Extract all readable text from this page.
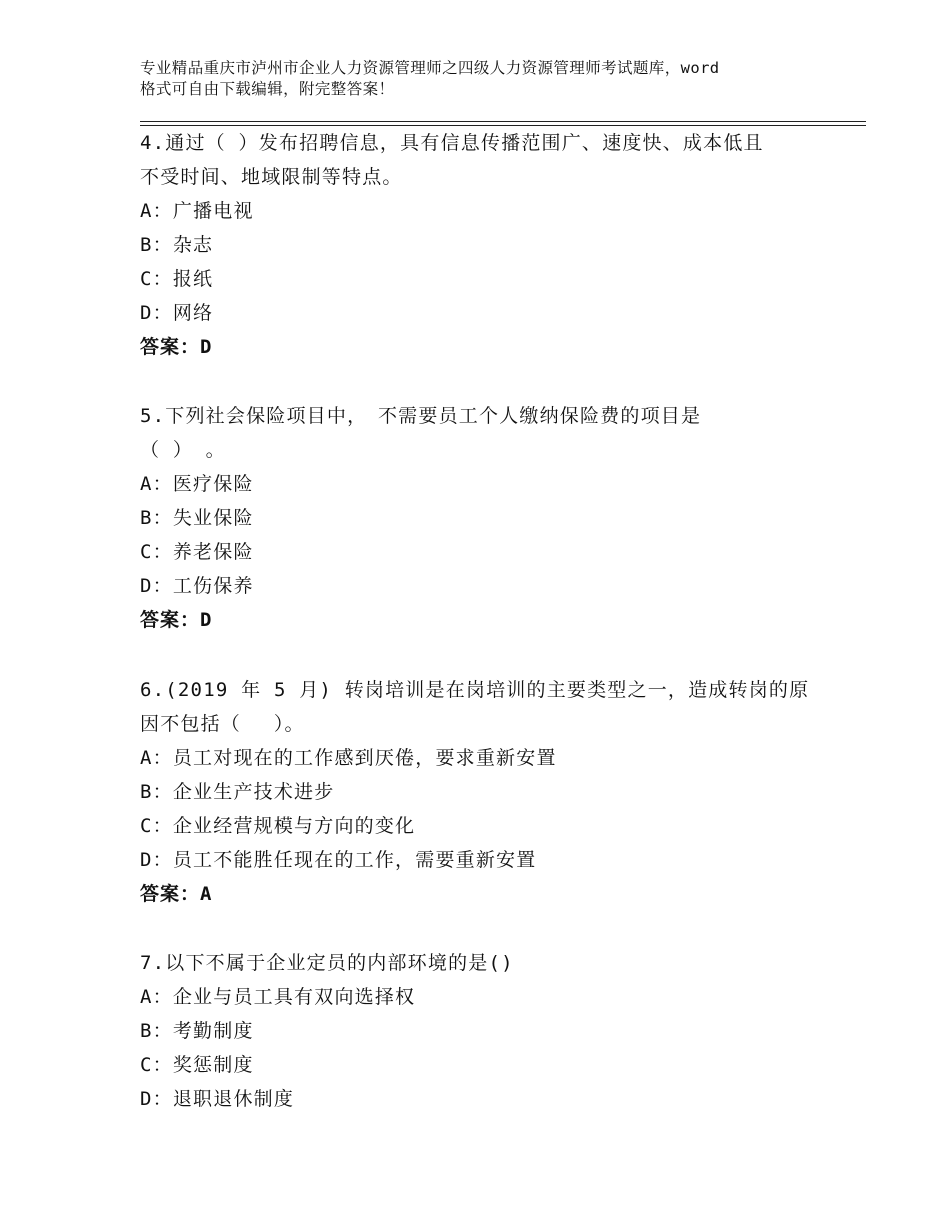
专业精品重庆市泸州市企业人力资源管理师之四级人力资源管理师考试题库，word
格式可自由下载编辑，附完整答案！
4.通过（ ）发布招聘信息，具有信息传播范围广、速度快、成本低且
不受时间、地域限制等特点。
A：广播电视
B：杂志
C：报纸
D：网络
答案：D
5.下列社会保险项目中，　不需要员工个人缴纳保险费的项目是
（ ） 。
A：医疗保险
B：失业保险
C：养老保险
D：工伤保养
答案：D
6.(2019 年 5 月) 转岗培训是在岗培训的主要类型之一，造成转岗的原
因不包括（　 ）。
A：员工对现在的工作感到厌倦，要求重新安置
B：企业生产技术进步
C：企业经营规模与方向的变化
D：员工不能胜任现在的工作，需要重新安置
答案：A
7.以下不属于企业定员的内部环境的是()
A：企业与员工具有双向选择权
B：考勤制度
C：奖惩制度
D：退职退休制度
